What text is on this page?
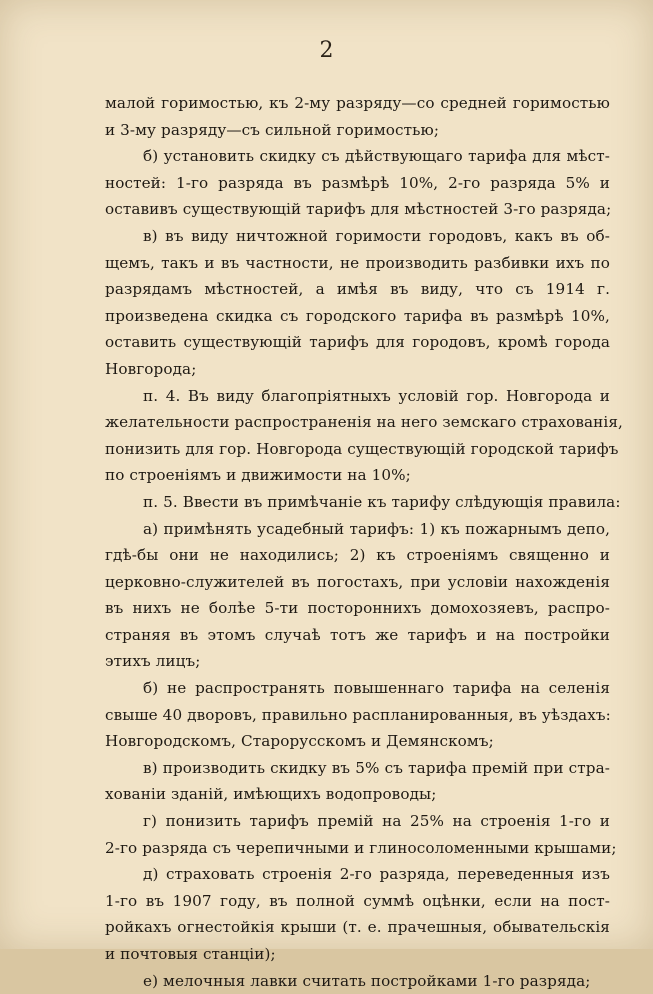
2
малой горимостью, къ 2-му разряду—со средней горимостью
и 3-му разряду—съ сильной горимостью;
б) установить скидку съ дѣйствующаго тарифа для мѣст-
ностей: 1-го разряда въ размѣрѣ 10%, 2-го разряда 5% и
оставивъ существующій тарифъ для мѣстностей 3-го разряда;
в) въ виду ничтожной горимости городовъ, какъ въ об-
щемъ, такъ и въ частности, не производить разбивки ихъ по
разрядамъ мѣстностей, а имѣя въ виду, что съ 1914 г.
произведена скидка съ городского тарифа въ размѣрѣ 10%,
оставить существующій тарифъ для городовъ, кромѣ города
Новгорода;
п. 4. Въ виду благопріятныхъ условій гор. Новгорода и
желательности распространенія на него земскаго страхованія,
понизить для гор. Новгорода существующій городской тарифъ
по строеніямъ и движимости на 10%;
п. 5. Ввести въ примѣчаніе къ тарифу слѣдующія правила:
а) примѣнять усадебный тарифъ: 1) къ пожарнымъ депо,
гдѣ-бы они не находились; 2) къ строеніямъ священно и
церковно-служителей въ погостахъ, при условіи нахожденія
въ нихъ не болѣе 5-ти постороннихъ домохозяевъ, распро-
страняя въ этомъ случаѣ тотъ же тарифъ и на постройки
этихъ лицъ;
б) не распространять повышеннаго тарифа на селенія
свыше 40 дворовъ, правильно распланированныя, въ уѣздахъ:
Новгородскомъ, Старорусскомъ и Демянскомъ;
в) производить скидку въ 5% съ тарифа премій при стра-
хованіи зданій, имѣющихъ водопроводы;
г) понизить тарифъ премій на 25% на строенія 1-го и
2-го разряда съ черепичными и глиносоломенными крышами;
д) страховать строенія 2-го разряда, переведенныя изъ
1-го въ 1907 году, въ полной суммѣ оцѣнки, если на пост-
ройкахъ огнестойкія крыши (т. е. прачешныя, обывательскія
и почтовыя станціи);
е) мелочныя лавки считать постройками 1-го разряда;
